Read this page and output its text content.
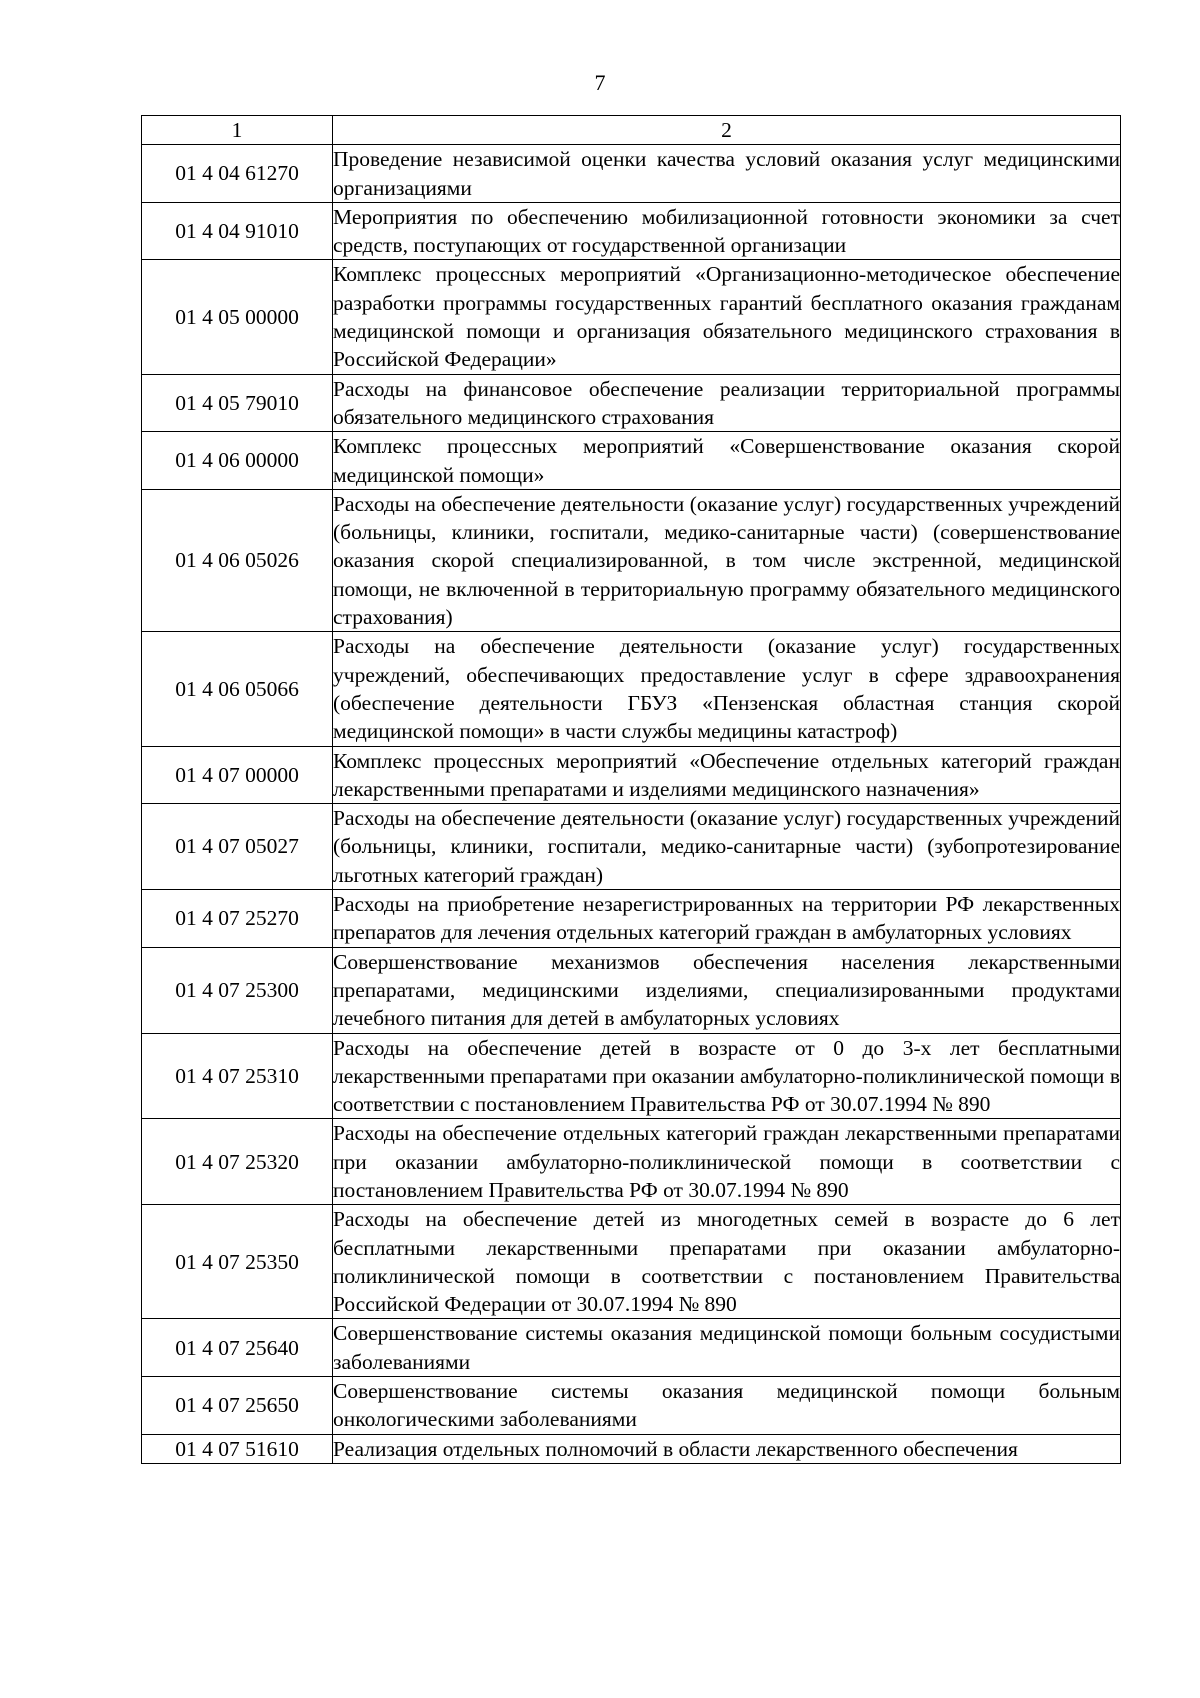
7
1	2
01 4 04 61270	Проведение независимой оценки качества условий оказания услуг медицинскими организациями
01 4 04 91010	Мероприятия по обеспечению мобилизационной готовности экономики за счет средств, поступающих от государственной организации
01 4 05 00000	Комплекс процессных мероприятий «Организационно-методическое обеспечение разработки программы государственных гарантий бесплатного оказания гражданам медицинской помощи и организация обязательного медицинского страхования в Российской Федерации»
01 4 05 79010	Расходы на финансовое обеспечение реализации территориальной программы обязательного медицинского страхования
01 4 06 00000	Комплекс процессных мероприятий «Совершенствование оказания скорой медицинской помощи»
01 4 06 05026	Расходы на обеспечение деятельности (оказание услуг) государственных учреждений (больницы, клиники, госпитали, медико-санитарные части) (совершенствование оказания скорой специализированной, в том числе экстренной, медицинской помощи, не включенной в территориальную программу обязательного медицинского страхования)
01 4 06 05066	Расходы на обеспечение деятельности (оказание услуг) государственных учреждений, обеспечивающих предоставление услуг в сфере здравоохранения (обеспечение деятельности ГБУЗ «Пензенская областная станция скорой медицинской помощи» в части службы медицины катастроф)
01 4 07 00000	Комплекс процессных мероприятий «Обеспечение отдельных категорий граждан лекарственными препаратами и изделиями медицинского назначения»
01 4 07 05027	Расходы на обеспечение деятельности (оказание услуг) государственных учреждений (больницы, клиники, госпитали, медико-санитарные части) (зубопротезирование льготных категорий граждан)
01 4 07 25270	Расходы на приобретение незарегистрированных на территории РФ лекарственных препаратов для лечения отдельных категорий граждан в амбулаторных условиях
01 4 07 25300	Совершенствование механизмов обеспечения населения лекарственными препаратами, медицинскими изделиями, специализированными продуктами лечебного питания для детей в амбулаторных условиях
01 4 07 25310	Расходы на обеспечение детей в возрасте от 0 до 3-х лет бесплатными лекарственными препаратами при оказании амбулаторно-поликлинической помощи в соответствии с постановлением Правительства РФ от 30.07.1994 № 890
01 4 07 25320	Расходы на обеспечение отдельных категорий граждан лекарственными препаратами при оказании амбулаторно-поликлинической помощи в соответствии с постановлением Правительства РФ от 30.07.1994 № 890
01 4 07 25350	Расходы на обеспечение детей из многодетных семей в возрасте до 6 лет бесплатными лекарственными препаратами при оказании амбулаторно-поликлинической помощи в соответствии с постановлением Правительства Российской Федерации от 30.07.1994 № 890
01 4 07 25640	Совершенствование системы оказания медицинской помощи больным сосудистыми заболеваниями
01 4 07 25650	Совершенствование системы оказания медицинской помощи больным онкологическими заболеваниями
01 4 07 51610	Реализация отдельных полномочий в области лекарственного обеспечения
